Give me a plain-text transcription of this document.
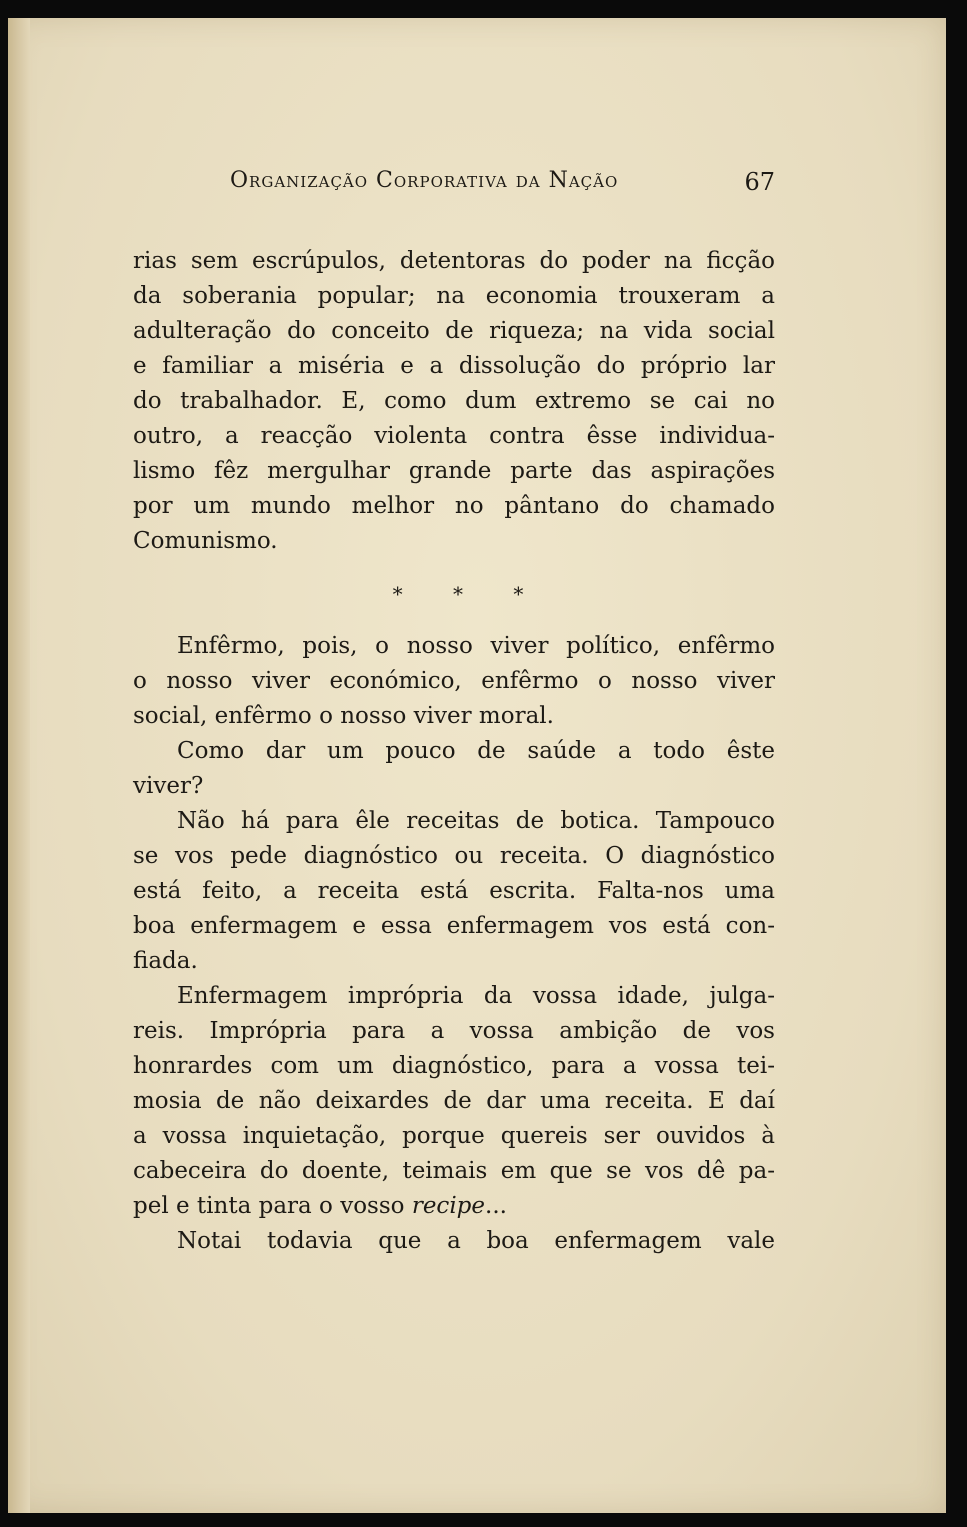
Organização Corporativa da Nação	67

rias sem escrúpulos, detentoras do poder na ficção

da soberania popular; na economia trouxeram a

adulteração do conceito de riqueza; na vida social

e familiar a miséria e a dissolução do próprio lar

do trabalhador. E, como dum extremo se cai no

outro, a reacção violenta contra êsse individua-

lismo fêz mergulhar grande parte das aspirações

por um mundo melhor no pântano do chamado

Comunismo.

* * *

Enfêrmo, pois, o nosso viver político, enfêrmo

o nosso viver económico, enfêrmo o nosso viver

social, enfêrmo o nosso viver moral.

Como dar um pouco de saúde a todo êste

viver?

Não há para êle receitas de botica. Tampouco

se vos pede diagnóstico ou receita. O diagnóstico

está feito, a receita está escrita. Falta-nos uma

boa enfermagem e essa enfermagem vos está con-

fiada.

Enfermagem imprópria da vossa idade, julga-

reis. Imprópria para a vossa ambição de vos

honrardes com um diagnóstico, para a vossa tei-

mosia de não deixardes de dar uma receita. E daí

a vossa inquietação, porque quereis ser ouvidos à

cabeceira do doente, teimais em que se vos dê pa-

pel e tinta para o vosso recipe...

Notai todavia que a boa enfermagem vale
